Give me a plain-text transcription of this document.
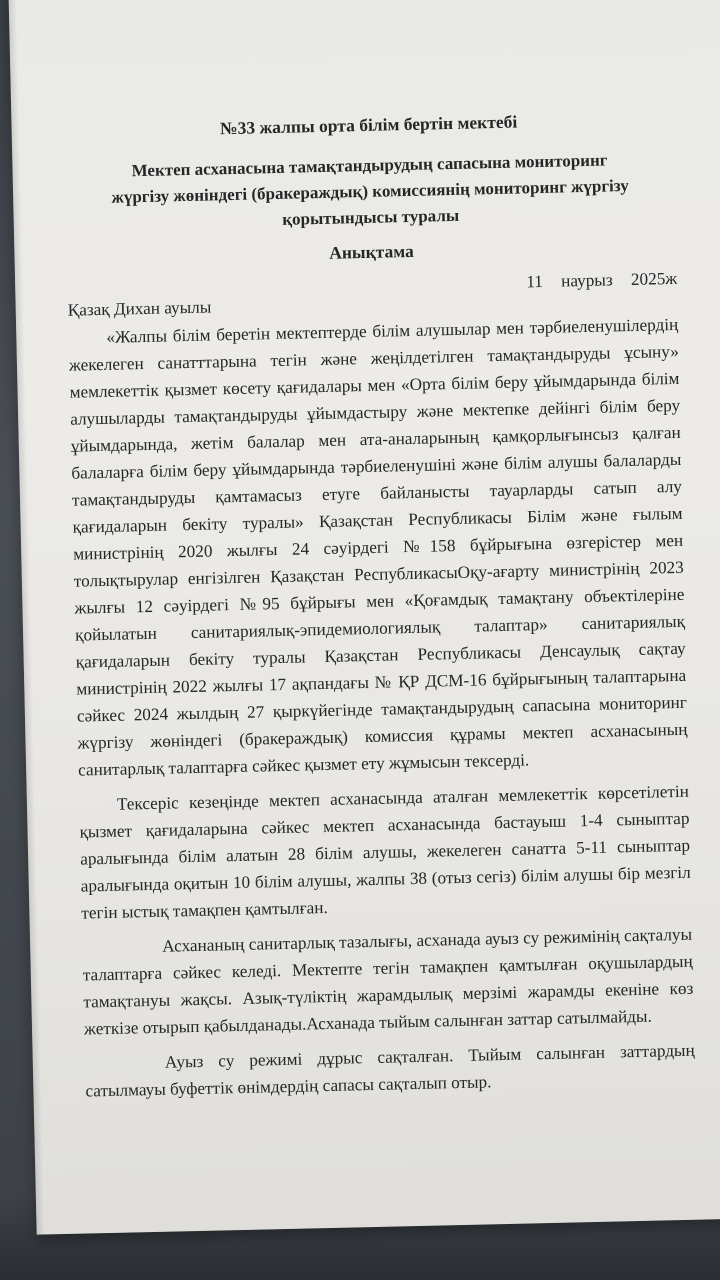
№33 жалпы орта білім бертін мектебі
Мектеп асханасына тамақтандырудың сапасына мониторинг
жүргізу жөніндегі (бракераждық) комиссиянің мониторинг жүргізу
қорытындысы туралы
Анықтама
Қазақ Дихан ауылы
11 наурыз 2025ж

«Жалпы білім беретін мектептерде білім алушылар мен тәрбиеленушілердің жекелеген санатттарына тегін және жеңілдетілген тамақтандыруды ұсыну» мемлекеттік қызмет көсету қағидалары мен «Орта білім беру ұйымдарында білім алушыларды тамақтандыруды ұйымдастыру және мектепке дейінгі білім беру ұйымдарында, жетім балалар мен ата-аналарының қамқорлығынсыз қалған балаларға білім беру ұйымдарында тәрбиеленушіні және білім алушы балаларды тамақтандыруды қамтамасыз етуге байланысты тауарларды сатып алу қағидаларын бекіту туралы» Қазақстан Республикасы Білім және ғылым министрінің 2020 жылғы 24 сәуірдегі №158 бұйрығына өзгерістер мен толықтырулар енгізілген Қазақстан РеспубликасыОқу-ағарту министрінің 2023 жылғы 12 сәуірдегі №95 бұйрығы мен «Қоғамдық тамақтану объектілеріне қойылатын санитариялық-эпидемиологиялық талаптар» санитариялық қағидаларын бекіту туралы Қазақстан Республикасы Денсаулық сақтау министрінің 2022 жылғы 17 ақпандағы № ҚР ДСМ-16 бұйрығының талаптарына сәйкес 2024 жылдың 27 қыркүйегінде тамақтандырудың сапасына мониторинг жүргізу жөніндегі (бракераждық) комиссия құрамы мектеп асханасының санитарлық талаптарға сәйкес қызмет ету жұмысын тексерді.

Тексеріс кезеңінде мектеп асханасында аталған мемлекеттік көрсетілетін қызмет қағидаларына сәйкес мектеп асханасында бастауыш 1-4 сыныптар аралығында білім алатын 28 білім алушы, жекелеген санатта 5-11 сыныптар аралығында оқитын 10 білім алушы, жалпы 38 (отыз сегіз) білім алушы бір мезгіл тегін ыстық тамақпен қамтылған.

Асхананың санитарлық тазалығы, асханада ауыз су режимінің сақталуы талаптарға сәйкес келеді. Мектепте тегін тамақпен қамтылған оқушылардың тамақтануы жақсы. Азық-түліктің жарамдылық мерзімі жарамды екеніне көз жеткізе отырып қабылданады.Асханада тыйым салынған заттар сатылмайды.

Ауыз су режимі дұрыс сақталған. Тыйым салынған заттардың сатылмауы буфеттік өнімдердің сапасы сақталып отыр.
